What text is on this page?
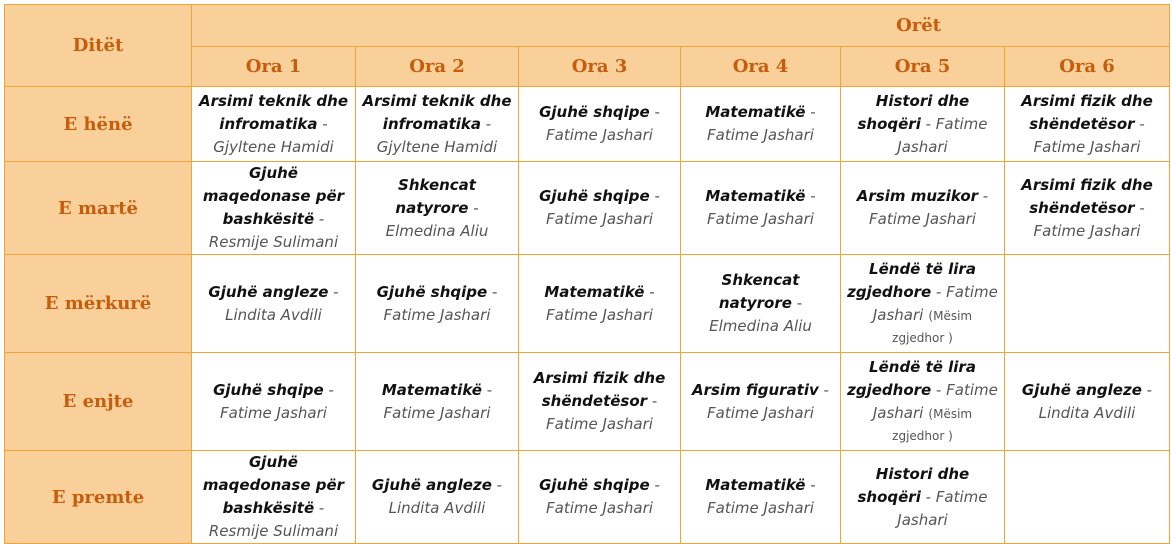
Ditët	Orët					
	Ora 1	Ora 2	Ora 3	Ora 4	Ora 5	Ora 6
E hënë	Arsimi teknik dhe infromatika - Gjyltene Hamidi	Arsimi teknik dhe infromatika - Gjyltene Hamidi	Gjuhë shqipe - Fatime Jashari	Matematikë - Fatime Jashari	Histori dhe shoqëri - Fatime Jashari	Arsimi fizik dhe shëndetësor - Fatime Jashari
E martë	Gjuhë maqedonase për bashkësitë - Resmije Sulimani	Shkencat natyrore - Elmedina Aliu	Gjuhë shqipe - Fatime Jashari	Matematikë - Fatime Jashari	Arsim muzikor - Fatime Jashari	Arsimi fizik dhe shëndetësor - Fatime Jashari
E mërkurë	Gjuhë angleze - Lindita Avdili	Gjuhë shqipe - Fatime Jashari	Matematikë - Fatime Jashari	Shkencat natyrore - Elmedina Aliu	Lëndë të lira zgjedhore - Fatime Jashari (Mësim zgjedhor )	
E enjte	Gjuhë shqipe - Fatime Jashari	Matematikë - Fatime Jashari	Arsimi fizik dhe shëndetësor - Fatime Jashari	Arsim figurativ - Fatime Jashari	Lëndë të lira zgjedhore - Fatime Jashari (Mësim zgjedhor )	Gjuhë angleze - Lindita Avdili
E premte	Gjuhë maqedonase për bashkësitë - Resmije Sulimani	Gjuhë angleze - Lindita Avdili	Gjuhë shqipe - Fatime Jashari	Matematikë - Fatime Jashari	Histori dhe shoqëri - Fatime Jashari	
